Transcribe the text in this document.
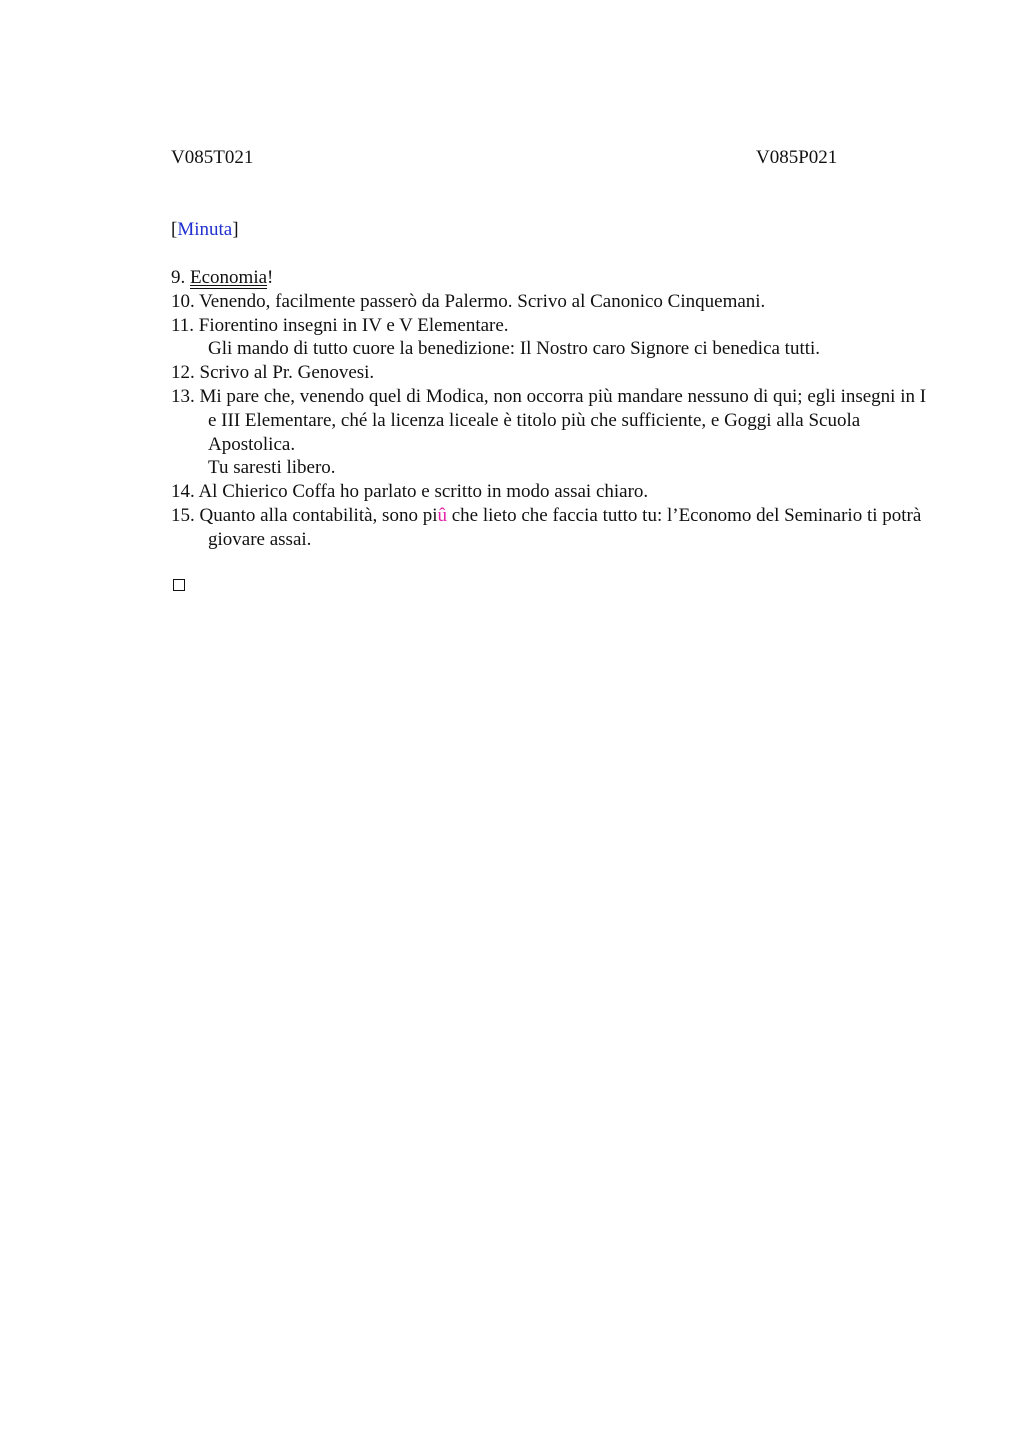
V085T021	V085P021
[Minuta]
9. Economia!
10. Venendo, facilmente passerò da Palermo. Scrivo al Canonico Cinquemani.
11. Fiorentino insegni in IV e V Elementare.
Gli mando di tutto cuore la benedizione: Il Nostro caro Signore ci benedica tutti.
12. Scrivo al Pr. Genovesi.
13. Mi pare che, venendo quel di Modica, non occorra più mandare nessuno di qui; egli insegni in I e III Elementare, ché la licenza liceale è titolo più che sufficiente, e Goggi alla Scuola Apostolica.
Tu saresti libero.
14. Al Chierico Coffa ho parlato e scritto in modo assai chiaro.
15. Quanto alla contabilità, sono piû che lieto che faccia tutto tu: l’Economo del Seminario ti potrà giovare assai.
